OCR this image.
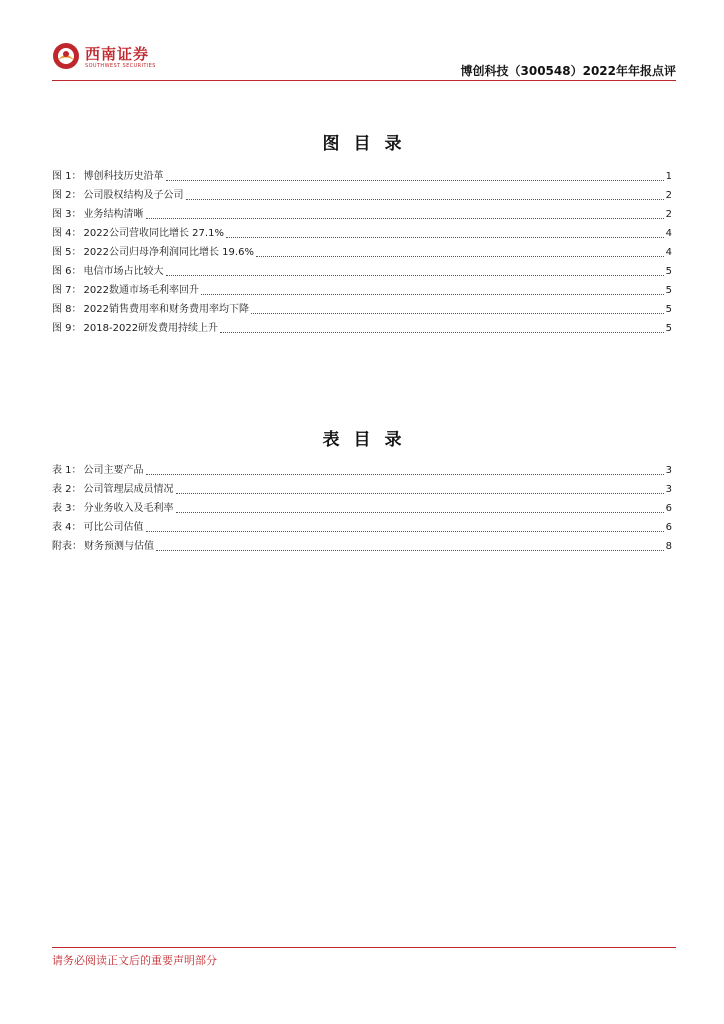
西南证券
SOUTHWEST SECURITIES	博创科技（300548）2022年年报点评
图目录
图 1： 博创科技历史沿革	1
图 2： 公司股权结构及子公司	2
图 3： 业务结构清晰	2
图 4： 2022公司营收同比增长 27.1%	4
图 5： 2022公司归母净利润同比增长 19.6%	4
图 6： 电信市场占比较大	5
图 7： 2022数通市场毛利率回升	5
图 8： 2022销售费用率和财务费用率均下降	5
图 9： 2018-2022研发费用持续上升	5
表目录
表 1： 公司主要产品	3
表 2： 公司管理层成员情况	3
表 3： 分业务收入及毛利率	6
表 4： 可比公司估值	6
附表： 财务预测与估值	8
请务必阅读正文后的重要声明部分
